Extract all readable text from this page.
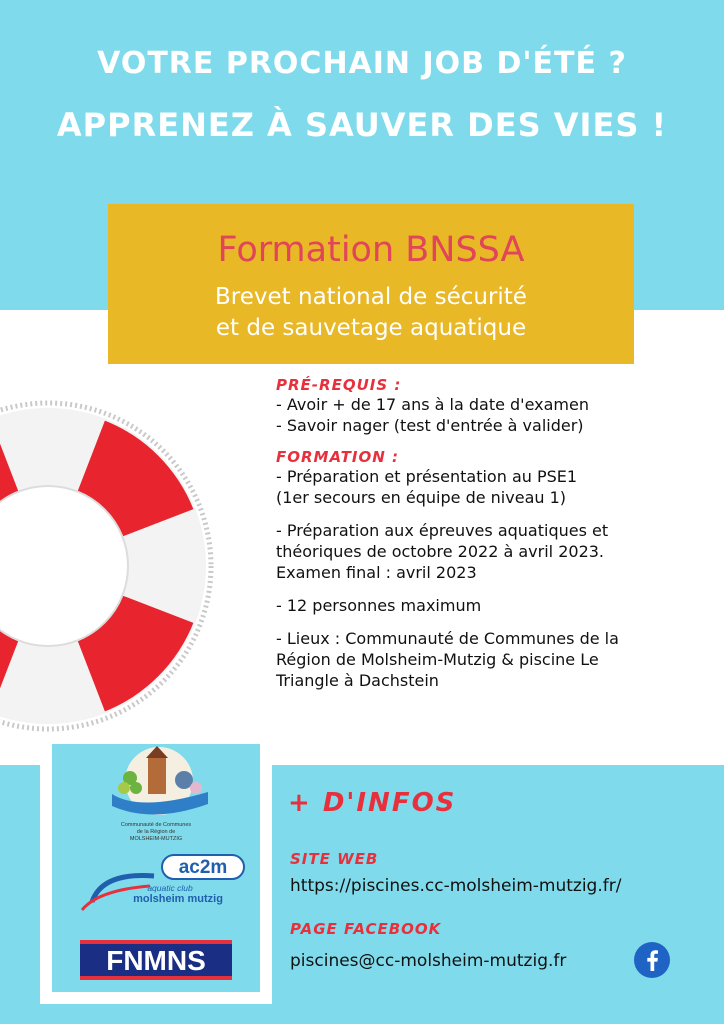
VOTRE PROCHAIN JOB D'ÉTÉ ?

APPRENEZ À SAUVER DES VIES !

Formation BNSSA

Brevet national de sécurité

et de sauvetage aquatique

PRÉ-REQUIS :

- Avoir + de 17 ans à la date d'examen

- Savoir nager (test d'entrée à valider)

FORMATION :

- Préparation et présentation au PSE1

(1er secours en équipe de niveau 1)

- Préparation aux épreuves aquatiques et

théoriques de octobre 2022 à avril 2023.

Examen final : avril 2023

- 12 personnes maximum

- Lieux : Communauté de Communes de la

Région de Molsheim-Mutzig & piscine Le

Triangle à Dachstein

Communauté de Communes
de la Région de
MOLSHEIM-MUTZIG
ac2m
aquatic club
molsheim mutzig
FNMNS

+ D'INFOS

SITE WEB

https://piscines.cc-molsheim-mutzig.fr/

PAGE FACEBOOK

piscines@cc-molsheim-mutzig.fr
